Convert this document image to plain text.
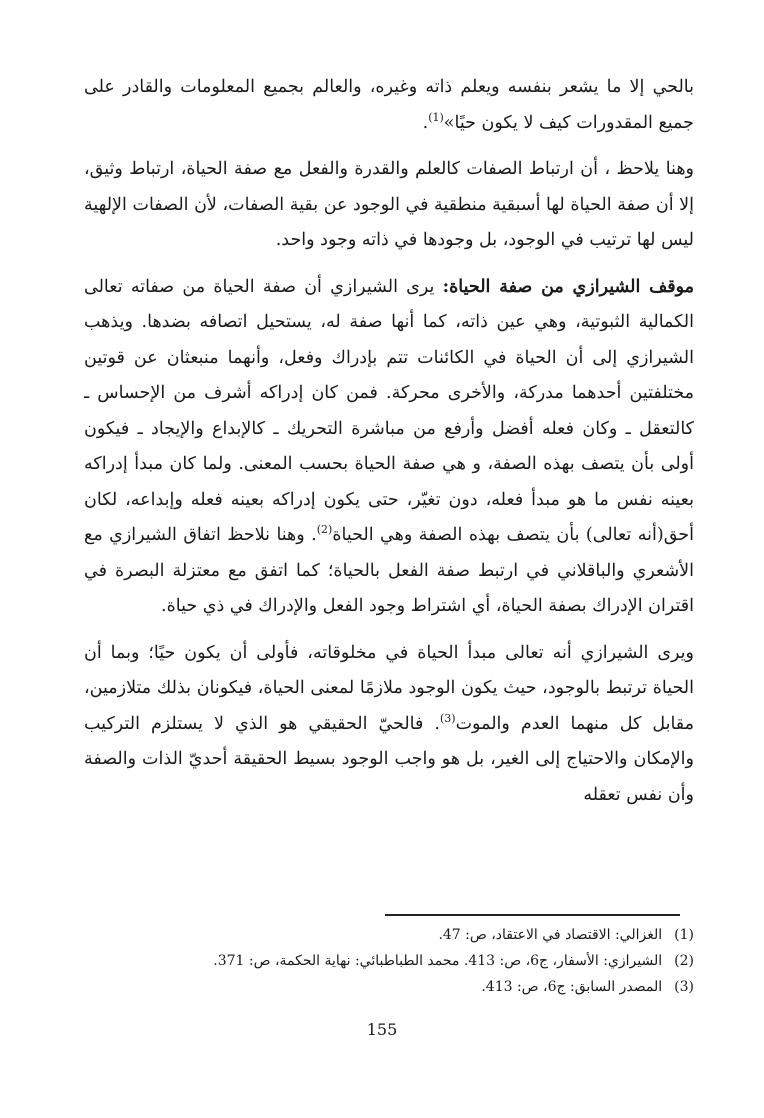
بالحي إلا ما يشعر بنفسه ويعلم ذاته وغيره، والعالم بجميع المعلومات والقادر على جميع المقدورات كيف لا يكون حيًا»$^{(1)}$.

وهنا يلاحظ ، أن ارتباط الصفات كالعلم والقدرة والفعل مع صفة الحياة، ارتباط وثيق، إلا أن صفة الحياة لها أسبقية منطقية في الوجود عن بقية الصفات، لأن الصفات الإلهية ليس لها ترتيب في الوجود، بل وجودها في ذاته وجود واحد.

موقف الشيرازي من صفة الحياة: يرى الشيرازي أن صفة الحياة من صفاته تعالى الكمالية الثبوتية، وهي عين ذاته، كما أنها صفة له، يستحيل اتصافه بضدها. ويذهب الشيرازي إلى أن الحياة في الكائنات تتم بإدراك وفعل، وأنهما منبعثان عن قوتين مختلفتين أحدهما مدركة، والأخرى محركة. فمن كان إدراكه أشرف من الإحساس ـ كالتعقل ـ وكان فعله أفضل وأرفع من مباشرة التحريك ـ كالإبداع والإيجاد ـ فيكون أولى بأن يتصف بهذه الصفة، و هي صفة الحياة بحسب المعنى. ولما كان مبدأ إدراكه بعينه نفس ما هو مبدأ فعله، دون تغيّر، حتى يكون إدراكه بعينه فعله وإبداعه، لكان أحق(أنه تعالى) بأن يتصف بهذه الصفة وهي الحياة$^{(2)}$. وهنا نلاحظ اتفاق الشيرازي مع الأشعري والباقلاني في ارتبط صفة الفعل بالحياة؛ كما اتفق مع معتزلة البصرة في اقتران الإدراك بصفة الحياة، أي اشتراط وجود الفعل والإدراك في ذي حياة.

ويرى الشيرازي أنه تعالى مبدأ الحياة في مخلوقاته، فأولى أن يكون حيًا؛ وبما أن الحياة ترتبط بالوجود، حيث يكون الوجود ملازمًا لمعنى الحياة، فيكونان بذلك متلازمين، مقابل كل منهما العدم والموت$^{(3)}$. فالحيّ الحقيقي هو الذي لا يستلزم التركيب والإمكان والاحتياج إلى الغير، بل هو واجب الوجود بسيط الحقيقة أحديّ الذات والصفة وأن نفس تعقله

(1)الغزالي: الاقتصاد في الاعتقاد، ص: 47.
(2)الشيرازي: الأسفار، ج6، ص: 413. محمد الطباطبائي: نهاية الحكمة، ص: 371.
(3)المصدر السابق: ج6، ص: 413.
155
